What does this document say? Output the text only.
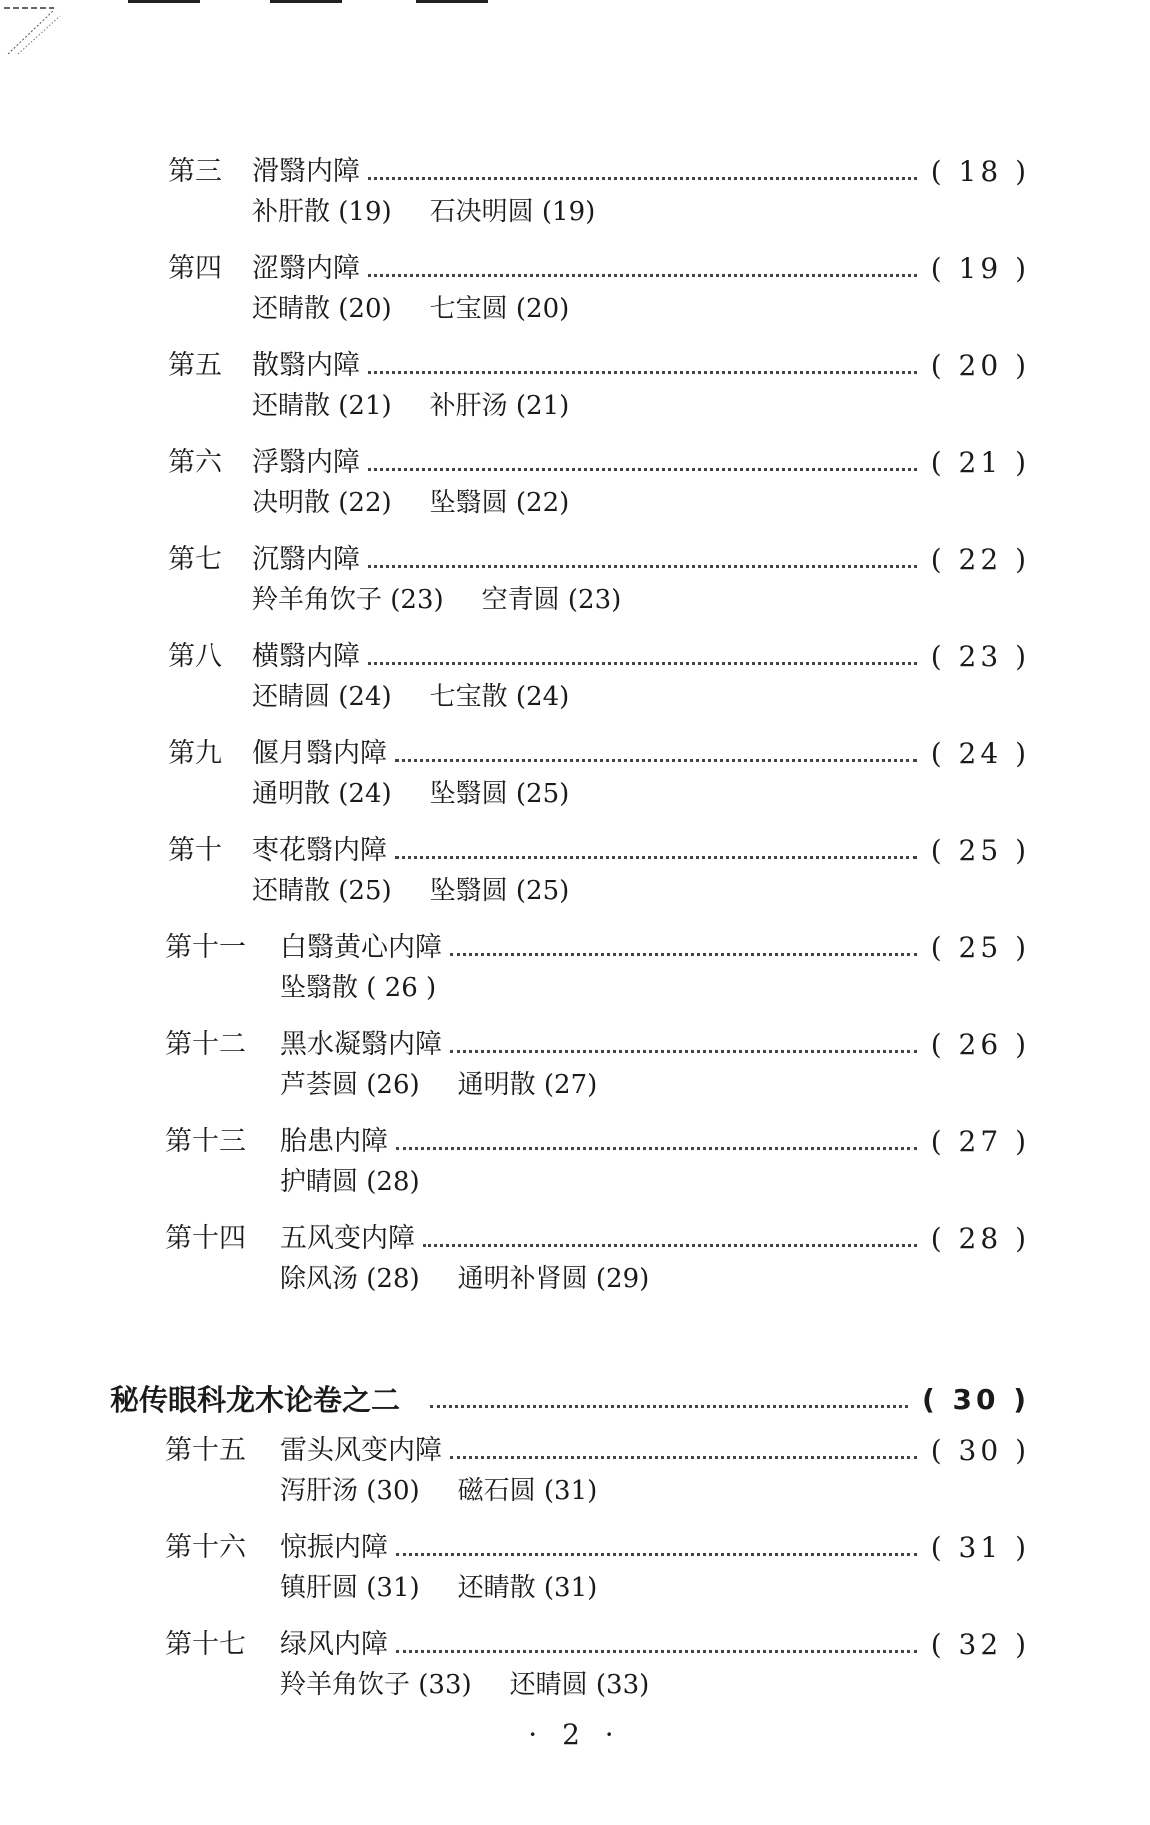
第三	滑翳内障	( 18 )
补肝散 (19) 石决明圆 (19)
第四	涩翳内障	( 19 )
还睛散 (20) 七宝圆 (20)
第五	散翳内障	( 20 )
还睛散 (21) 补肝汤 (21)
第六	浮翳内障	( 21 )
决明散 (22) 坠翳圆 (22)
第七	沉翳内障	( 22 )
羚羊角饮子 (23) 空青圆 (23)
第八	横翳内障	( 23 )
还睛圆 (24) 七宝散 (24)
第九	偃月翳内障	( 24 )
通明散 (24) 坠翳圆 (25)
第十	枣花翳内障	( 25 )
还睛散 (25) 坠翳圆 (25)
第十一	白翳黄心内障	( 25 )
坠翳散 ( 26 )
第十二	黑水凝翳内障	( 26 )
芦荟圆 (26) 通明散 (27)
第十三	胎患内障	( 27 )
护睛圆 (28)
第十四	五风变内障	( 28 )
除风汤 (28) 通明补肾圆 (29)
秘传眼科龙木论卷之二	( 30 )
第十五	雷头风变内障	( 30 )
泻肝汤 (30) 磁石圆 (31)
第十六	惊振内障	( 31 )
镇肝圆 (31) 还睛散 (31)
第十七	绿风内障	( 32 )
羚羊角饮子 (33) 还睛圆 (33)
· 2 ·
